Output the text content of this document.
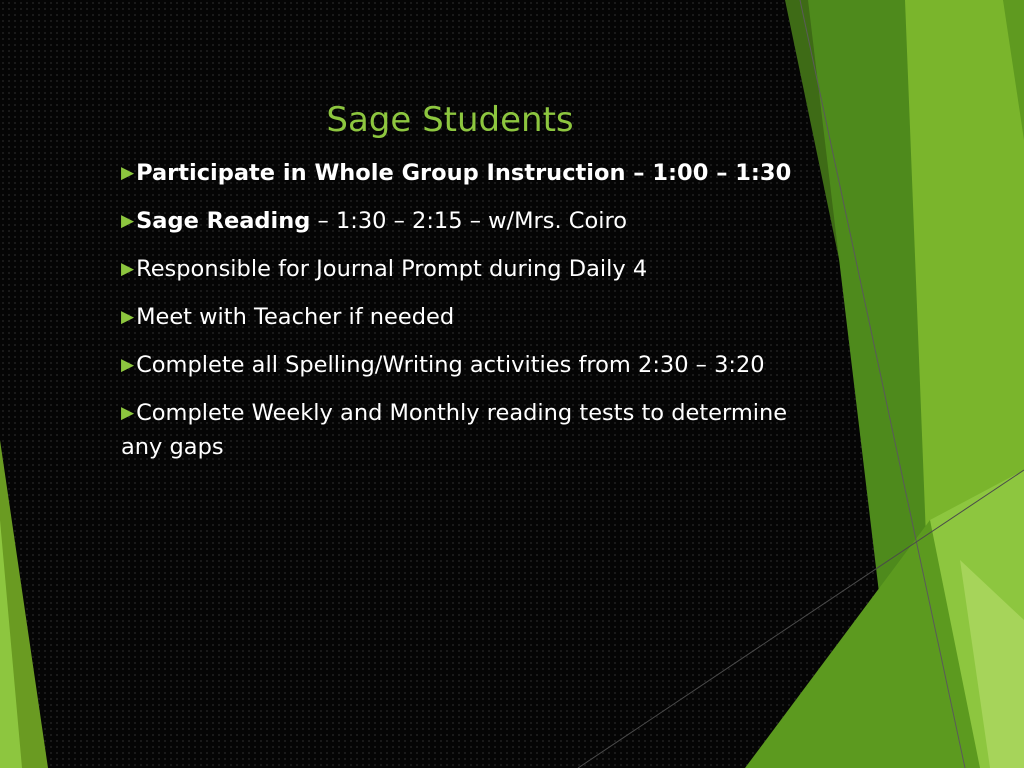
Sage Students
▶Participate in Whole Group Instruction – 1:00 – 1:30
▶Sage Reading – 1:30 – 2:15 – w/Mrs. Coiro
▶Responsible for Journal Prompt during Daily 4
▶Meet with Teacher if needed
▶Complete all Spelling/Writing activities from 2:30 – 3:20
▶Complete Weekly and Monthly reading tests to determine any gaps
